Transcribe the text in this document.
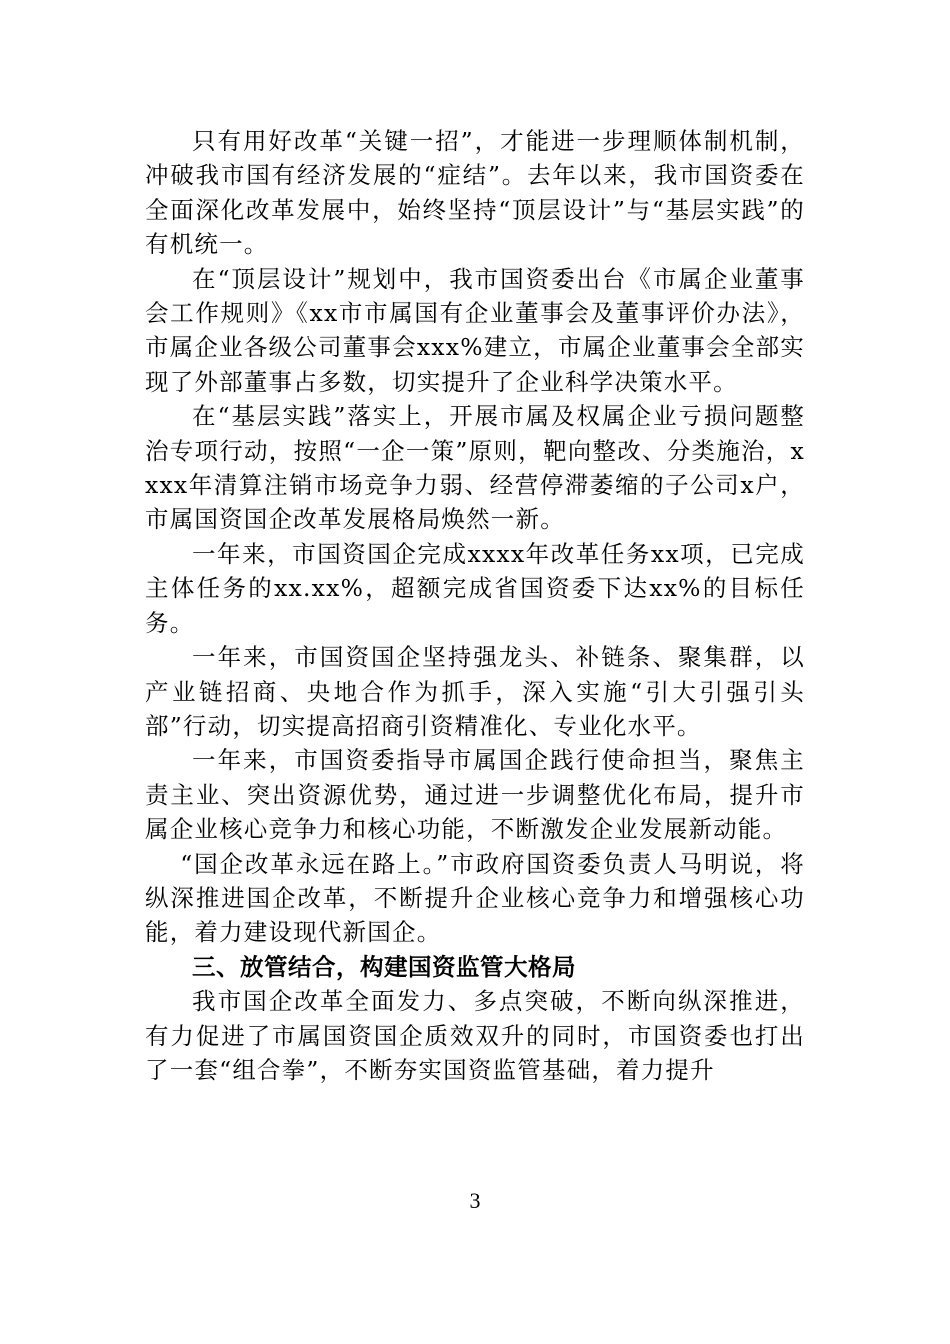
只有用好改革“关键一招”，才能进一步理顺体制机制，冲破我市国有经济发展的“症结”。去年以来，我市国资委在全面深化改革发展中，始终坚持“顶层设计”与“基层实践”的有机统一。

在“顶层设计”规划中，我市国资委出台《市属企业董事会工作规则》《xx市市属国有企业董事会及董事评价办法》，市属企业各级公司董事会xxx%建立，市属企业董事会全部实现了外部董事占多数，切实提升了企业科学决策水平。

在“基层实践”落实上，开展市属及权属企业亏损问题整治专项行动，按照“一企一策”原则，靶向整改、分类施治，xxxx年清算注销市场竞争力弱、经营停滞萎缩的子公司x户，市属国资国企改革发展格局焕然一新。

一年来，市国资国企完成xxxx年改革任务xx项，已完成主体任务的xx.xx%，超额完成省国资委下达xx%的目标任务。

一年来，市国资国企坚持强龙头、补链条、聚集群，以产业链招商、央地合作为抓手，深入实施“引大引强引头部”行动，切实提高招商引资精准化、专业化水平。

一年来，市国资委指导市属国企践行使命担当，聚焦主责主业、突出资源优势，通过进一步调整优化布局，提升市属企业核心竞争力和核心功能，不断激发企业发展新动能。

“国企改革永远在路上。”市政府国资委负责人马明说，将纵深推进国企改革，不断提升企业核心竞争力和增强核心功能，着力建设现代新国企。

三、放管结合，构建国资监管大格局

我市国企改革全面发力、多点突破，不断向纵深推进，有力促进了市属国资国企质效双升的同时，市国资委也打出了一套“组合拳”，不断夯实国资监管基础，着力提升

3
